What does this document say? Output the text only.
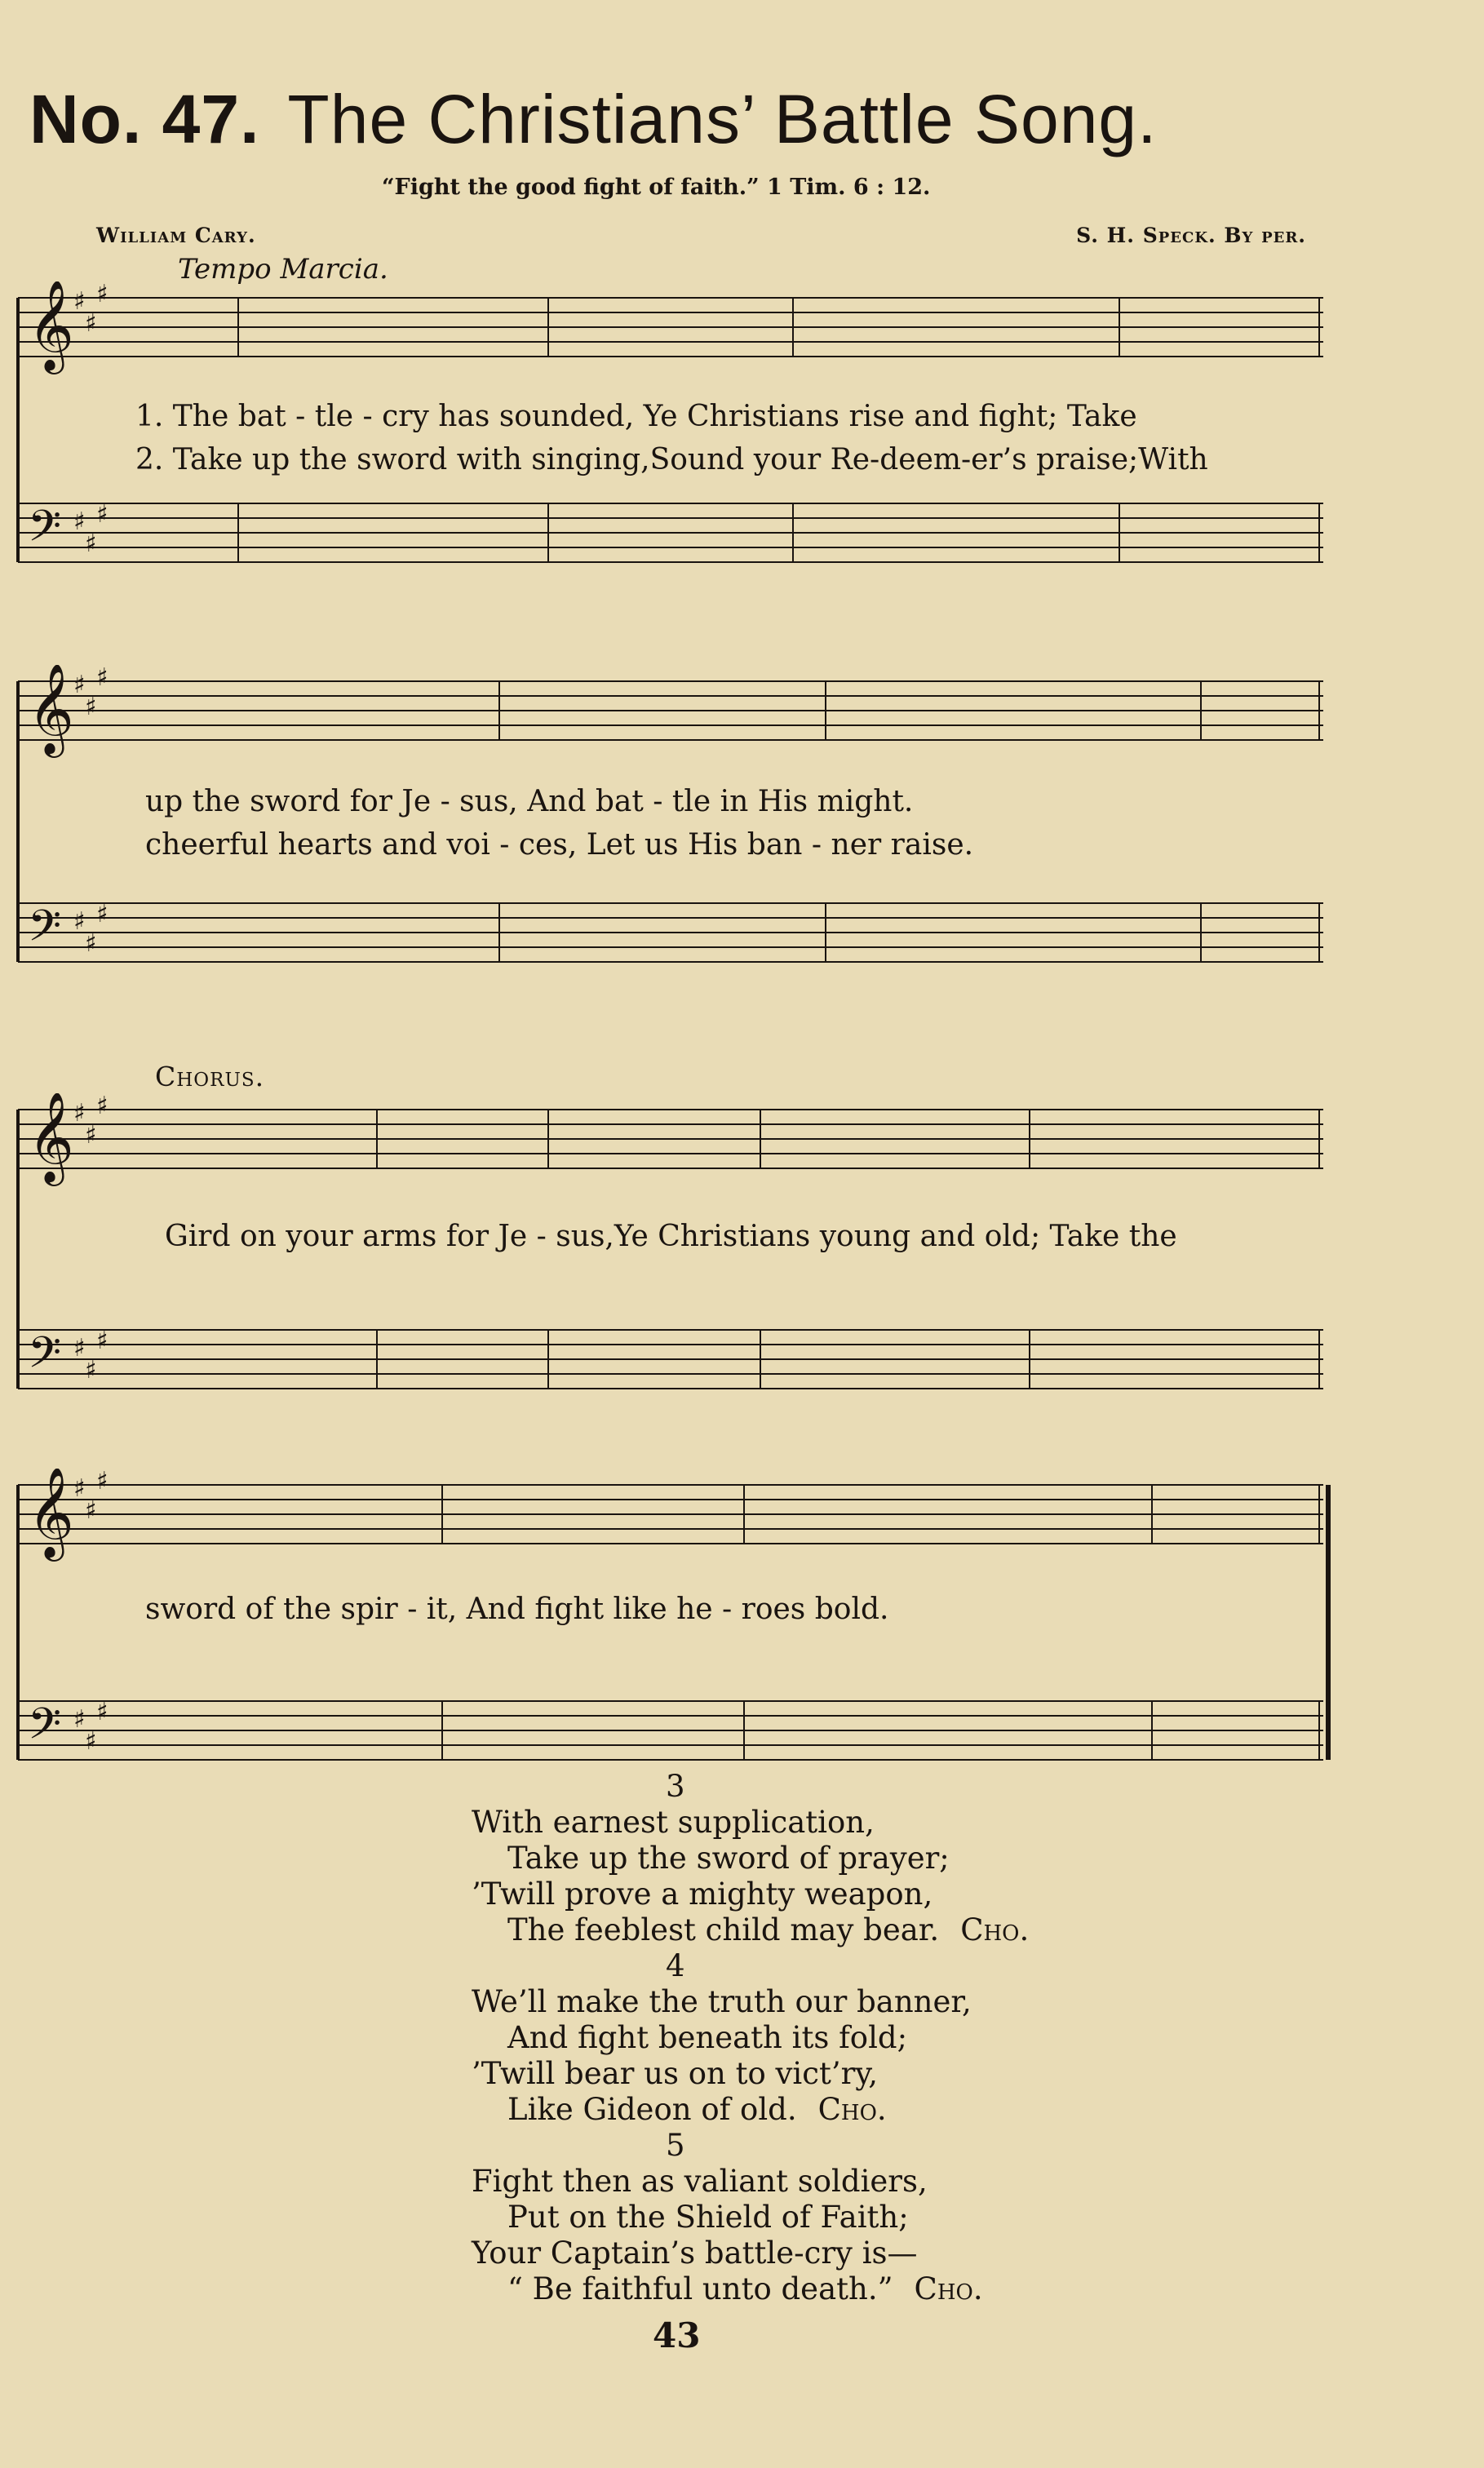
No. 47. The Christians’ Battle Song.
“Fight the good fight of faith.” 1 Tim. 6 : 12.
William Cary.	S. H. Speck. By per.
Tempo Marcia.
𝄞 ♯
♯
♯
𝄢 ♯
♯
♯
1. The bat - tle - cry has sounded, Ye Christians rise and fight; Take
2. Take up the sword with singing,Sound your Re-deem-er’s praise;With
𝄞 ♯
♯
♯
𝄢 ♯
♯
♯
up the sword for Je - sus, And bat - tle in His might.
cheerful hearts and voi - ces, Let us His ban - ner raise.
Chorus.
𝄞 ♯
♯
♯
𝄢 ♯
♯
♯
Gird on your arms for Je - sus,Ye Christians young and old; Take the
𝄞 ♯
♯
♯
𝄢 ♯
♯
♯
sword of the spir - it, And fight like he - roes bold.
3
With earnest supplication,
Take up the sword of prayer;
’Twill prove a mighty weapon,
The feeblest child may bear. Cho.
4
We’ll make the truth our banner,
And fight beneath its fold;
’Twill bear us on to vict’ry,
Like Gideon of old. Cho.
5
Fight then as valiant soldiers,
Put on the Shield of Faith;
Your Captain’s battle-cry is—
“ Be faithful unto death.” Cho.
43
